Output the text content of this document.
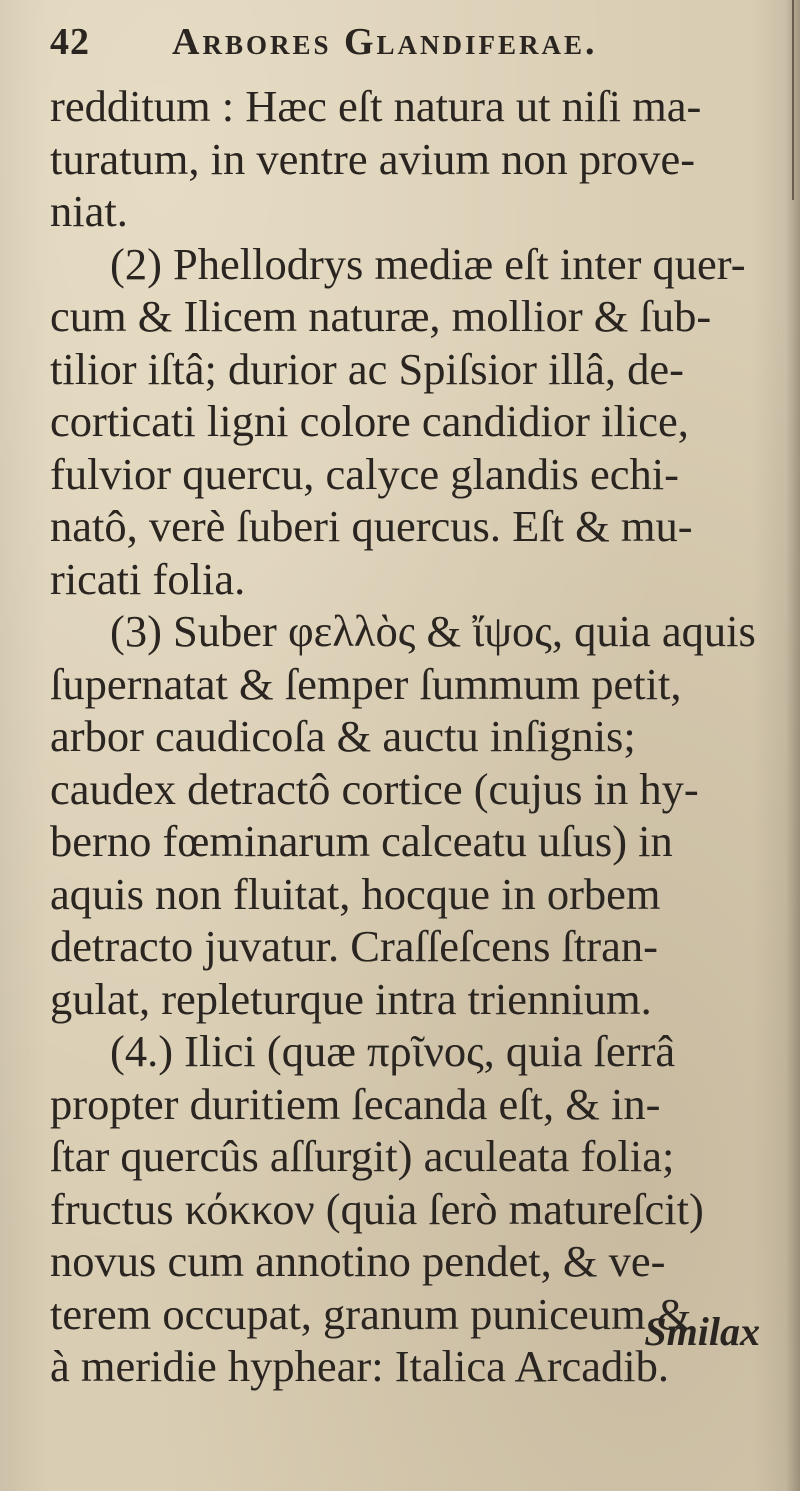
42 Arbores Glandiferae.
redditum : Hæc eſt natura ut niſi ma-
turatum, in ventre avium non prove-
niat.
(2) Phellodrys mediæ eſt inter quer-
cum & Ilicem naturæ, mollior & ſub-
tilior iſtâ; durior ac Spiſsior illâ, de-
corticati ligni colore candidior ilice,
fulvior quercu, calyce glandis echi-
natô, verè ſuberi quercus. Eſt & mu-
ricati folia.
(3) Suber φελλὸς & ἴψος, quia aquis
ſupernatat & ſemper ſummum petit,
arbor caudicoſa & auctu inſignis;
caudex detractô cortice (cujus in hy-
berno fœminarum calceatu uſus) in
aquis non fluitat, hocque in orbem
detracto juvatur. Craſſeſcens ſtran-
gulat, repleturque intra triennium.
(4.) Ilici (quæ πρῖνος, quia ſerrâ
propter duritiem ſecanda eſt, & in-
ſtar quercûs aſſurgit) aculeata folia;
fructus κόκκον (quia ſerò matureſcit)
novus cum annotino pendet, & ve-
terem occupat, granum puniceum &
à meridie hyphear: Italica Arcadib.
Smilax
